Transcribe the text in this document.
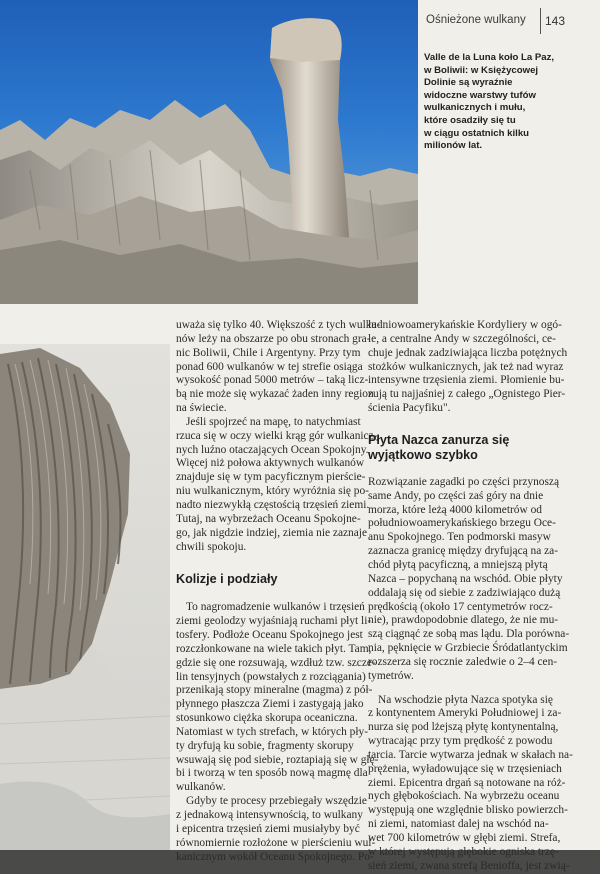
Ośnieżone wulkany 143
Valle de la Luna koło La Paz,
w Boliwii: w Księżycowej
Dolinie są wyraźnie
widoczne warstwy tufów
wulkanicznych i mułu,
które osadziły się tu
w ciągu ostatnich kilku
milionów lat.

uważa się tylko 40. Większość z tych wulka-
nów leży na obszarze po obu stronach gra-
nic Boliwii, Chile i Argentyny. Przy tym
ponad 600 wulkanów w tej strefie osiąga
wysokość ponad 5000 metrów – taką licz-
bą nie może się wykazać żaden inny region
na świecie.

Jeśli spojrzeć na mapę, to natychmiast
rzuca się w oczy wielki krąg gór wulkanicz-
nych luźno otaczających Ocean Spokojny.
Więcej niż połowa aktywnych wulkanów
znajduje się w tym pacyficznym pierście-
niu wulkanicznym, który wyróżnia się po-
nadto niezwykłą częstością trzęsień ziemi.
Tutaj, na wybrzeżach Oceanu Spokojne-
go, jak nigdzie indziej, ziemia nie zaznaje
chwili spokoju.

Kolizje i podziały

To nagromadzenie wulkanów i trzęsień
ziemi geolodzy wyjaśniają ruchami płyt li-
tosfery. Podłoże Oceanu Spokojnego jest
rozczłonkowane na wiele takich płyt. Tam,
gdzie się one rozsuwają, wzdłuż tzw. szcze-
lin tensyjnych (powstałych z rozciągania)
przenikają stopy mineralne (magma) z pół-
płynnego płaszcza Ziemi i zastygają jako
stosunkowo ciężka skorupa oceaniczna.
Natomiast w tych strefach, w których pły-
ty dryfują ku sobie, fragmenty skorupy
wsuwają się pod siebie, roztapiają się w głę-
bi i tworzą w ten sposób nową magmę dla
wulkanów.

Gdyby te procesy przebiegały wszędzie
z jednakową intensywnością, to wulkany
i epicentra trzęsień ziemi musiałyby być
równomiernie rozłożone w pierścieniu wul-
kanicznym wokół Oceanu Spokojnego. Po-

łudniowoamerykańskie Kordyliery w ogó-
le, a centralne Andy w szczególności, ce-
chuje jednak zadziwiająca liczba potężnych
stożków wulkanicznych, jak też nad wyraz
intensywne trzęsienia ziemi. Płomienie bu-
zują tu najjaśniej z całego „Ognistego Pier-
ścienia Pacyfiku".

Płyta Nazca zanurza się
wyjątkowo szybko

Rozwiązanie zagadki po części przynoszą
same Andy, po części zaś góry na dnie
morza, które leżą 4000 kilometrów od
południowoamerykańskiego brzegu Oce-
anu Spokojnego. Ten podmorski masyw
zaznacza granicę między dryfującą na za-
chód płytą pacyficzną, a mniejszą płytą
Nazca – popychaną na wschód. Obie płyty
oddalają się od siebie z zadziwiająco dużą
prędkością (około 17 centymetrów rocz-
nie), prawdopodobnie dlatego, że nie mu-
szą ciągnąć ze sobą mas lądu. Dla porówna-
nia, pęknięcie w Grzbiecie Śródatlantyckim
rozszerza się rocznie zaledwie o 2–4 cen-
tymetrów.

Na wschodzie płyta Nazca spotyka się
z kontynentem Ameryki Południowej i za-
nurza się pod lżejszą płytę kontynentalną,
wytracając przy tym prędkość z powodu
tarcia. Tarcie wytwarza jednak w skałach na-
prężenia, wyładowujące się w trzęsieniach
ziemi. Epicentra drgań są notowane na róż-
nych głębokościach. Na wybrzeżu oceanu
występują one względnie blisko powierzch-
ni ziemi, natomiast dalej na wschód na-
wet 700 kilometrów w głębi ziemi. Strefa,
w której występują głębokie ogniska trzę-
sień ziemi, zwana strefą Benioffa, jest zwią-
